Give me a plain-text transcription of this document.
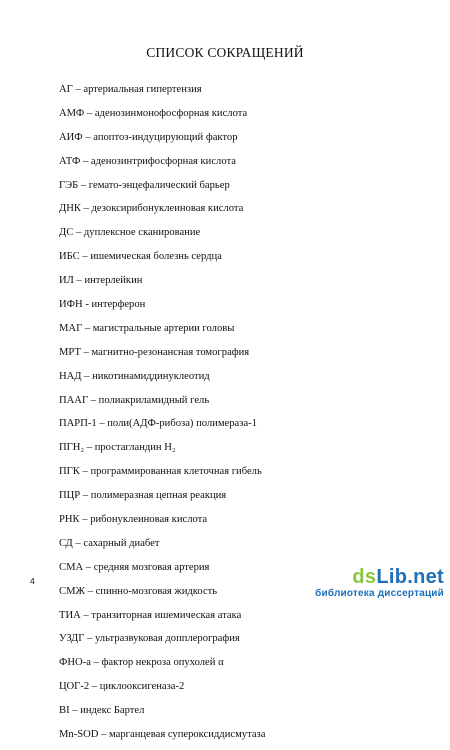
СПИСОК СОКРАЩЕНИЙ
АГ – артериальная гипертензия
АМФ – аденозинмонофосфорная кислота
АИФ – апоптоз-индуцирующий фактор
АТФ – аденозинтрифосфорная кислота
ГЭБ – гемато-энцефалический барьер
ДНК – дезоксирибонуклеиновая кислота
ДС – дуплексное сканирование
ИБС – ишемическая болезнь сердца
ИЛ – интерлейкин
ИФН - интерферон
МАГ – магистральные артерии головы
МРТ – магнитно-резонансная томография
НАД – никотинамиддинуклеотид
ПААГ – полиакриламидный гель
ПАРП-1 – поли(АДФ-рибоза) полимераза-1
ПГН₂ – простагландин H₂
ПГК – программированная клеточная гибель
ПЦР – полимеразная цепная реакция
РНК – рибонуклеиновая кислота
СД – сахарный диабет
СМА – средняя мозговая артерия
СМЖ – спинно-мозговая жидкость
ТИА – транзиторная ишемическая атака
УЗДГ – ультразвуковая допплерография
ФНО-а – фактор некроза опухолей α
ЦОГ-2 – циклооксигеназа-2
BI – индекс Бартел
Mn-SOD – марганцевая супероксиддисмутаза
4	dsLib.net
библиотека диссертаций
